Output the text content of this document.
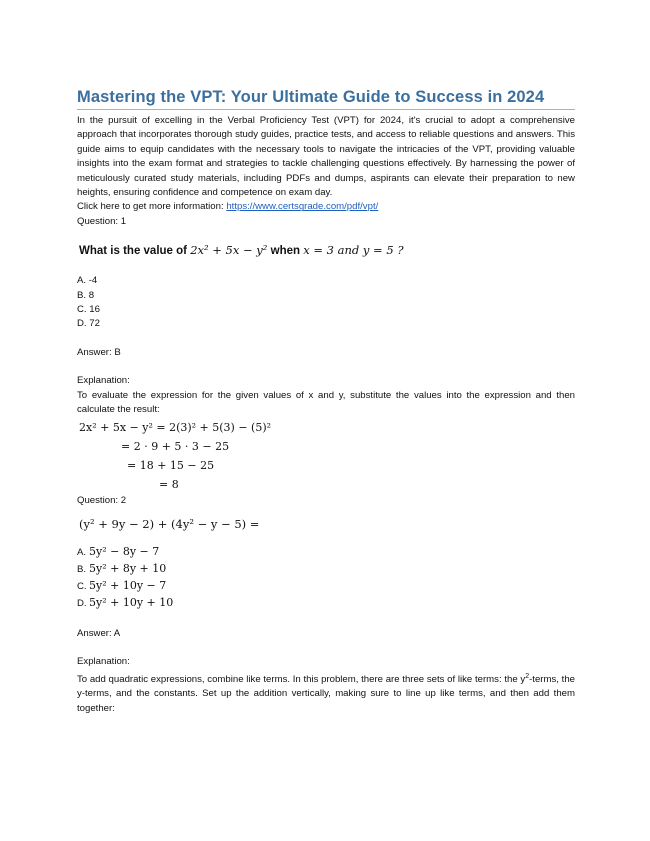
Mastering the VPT: Your Ultimate Guide to Success in 2024

In the pursuit of excelling in the Verbal Proficiency Test (VPT) for 2024, it's crucial to adopt a comprehensive approach that incorporates thorough study guides, practice tests, and access to reliable questions and answers. This guide aims to equip candidates with the necessary tools to navigate the intricacies of the VPT, providing valuable insights into the exam format and strategies to tackle challenging questions effectively. By harnessing the power of meticulously curated study materials, including PDFs and dumps, aspirants can elevate their preparation to new heights, ensuring confidence and competence on exam day.

Click here to get more information: https://www.certsgrade.com/pdf/vpt/

Question: 1

What is the value of 2x² + 5x − y² when x = 3 and y = 5 ?

A. -4

B. 8

C. 16

D. 72

Answer: B

Explanation:

To evaluate the expression for the given values of x and y, substitute the values into the expression and then calculate the result:

2x² + 5x − y² = 2(3)² + 5(3) − (5)²
= 2 · 9 + 5 · 3 − 25
= 18 + 15 − 25
= 8

Question: 2

(y² + 9y − 2) + (4y² − y − 5) =
A. 5y² − 8y − 7
B. 5y² + 8y + 10
C. 5y² + 10y − 7
D. 5y² + 10y + 10

Answer: A

Explanation:

To add quadratic expressions, combine like terms. In this problem, there are three sets of like terms: the $y^2$-terms, the y-terms, and the constants. Set up the addition vertically, making sure to line up like terms, and then add them together:
